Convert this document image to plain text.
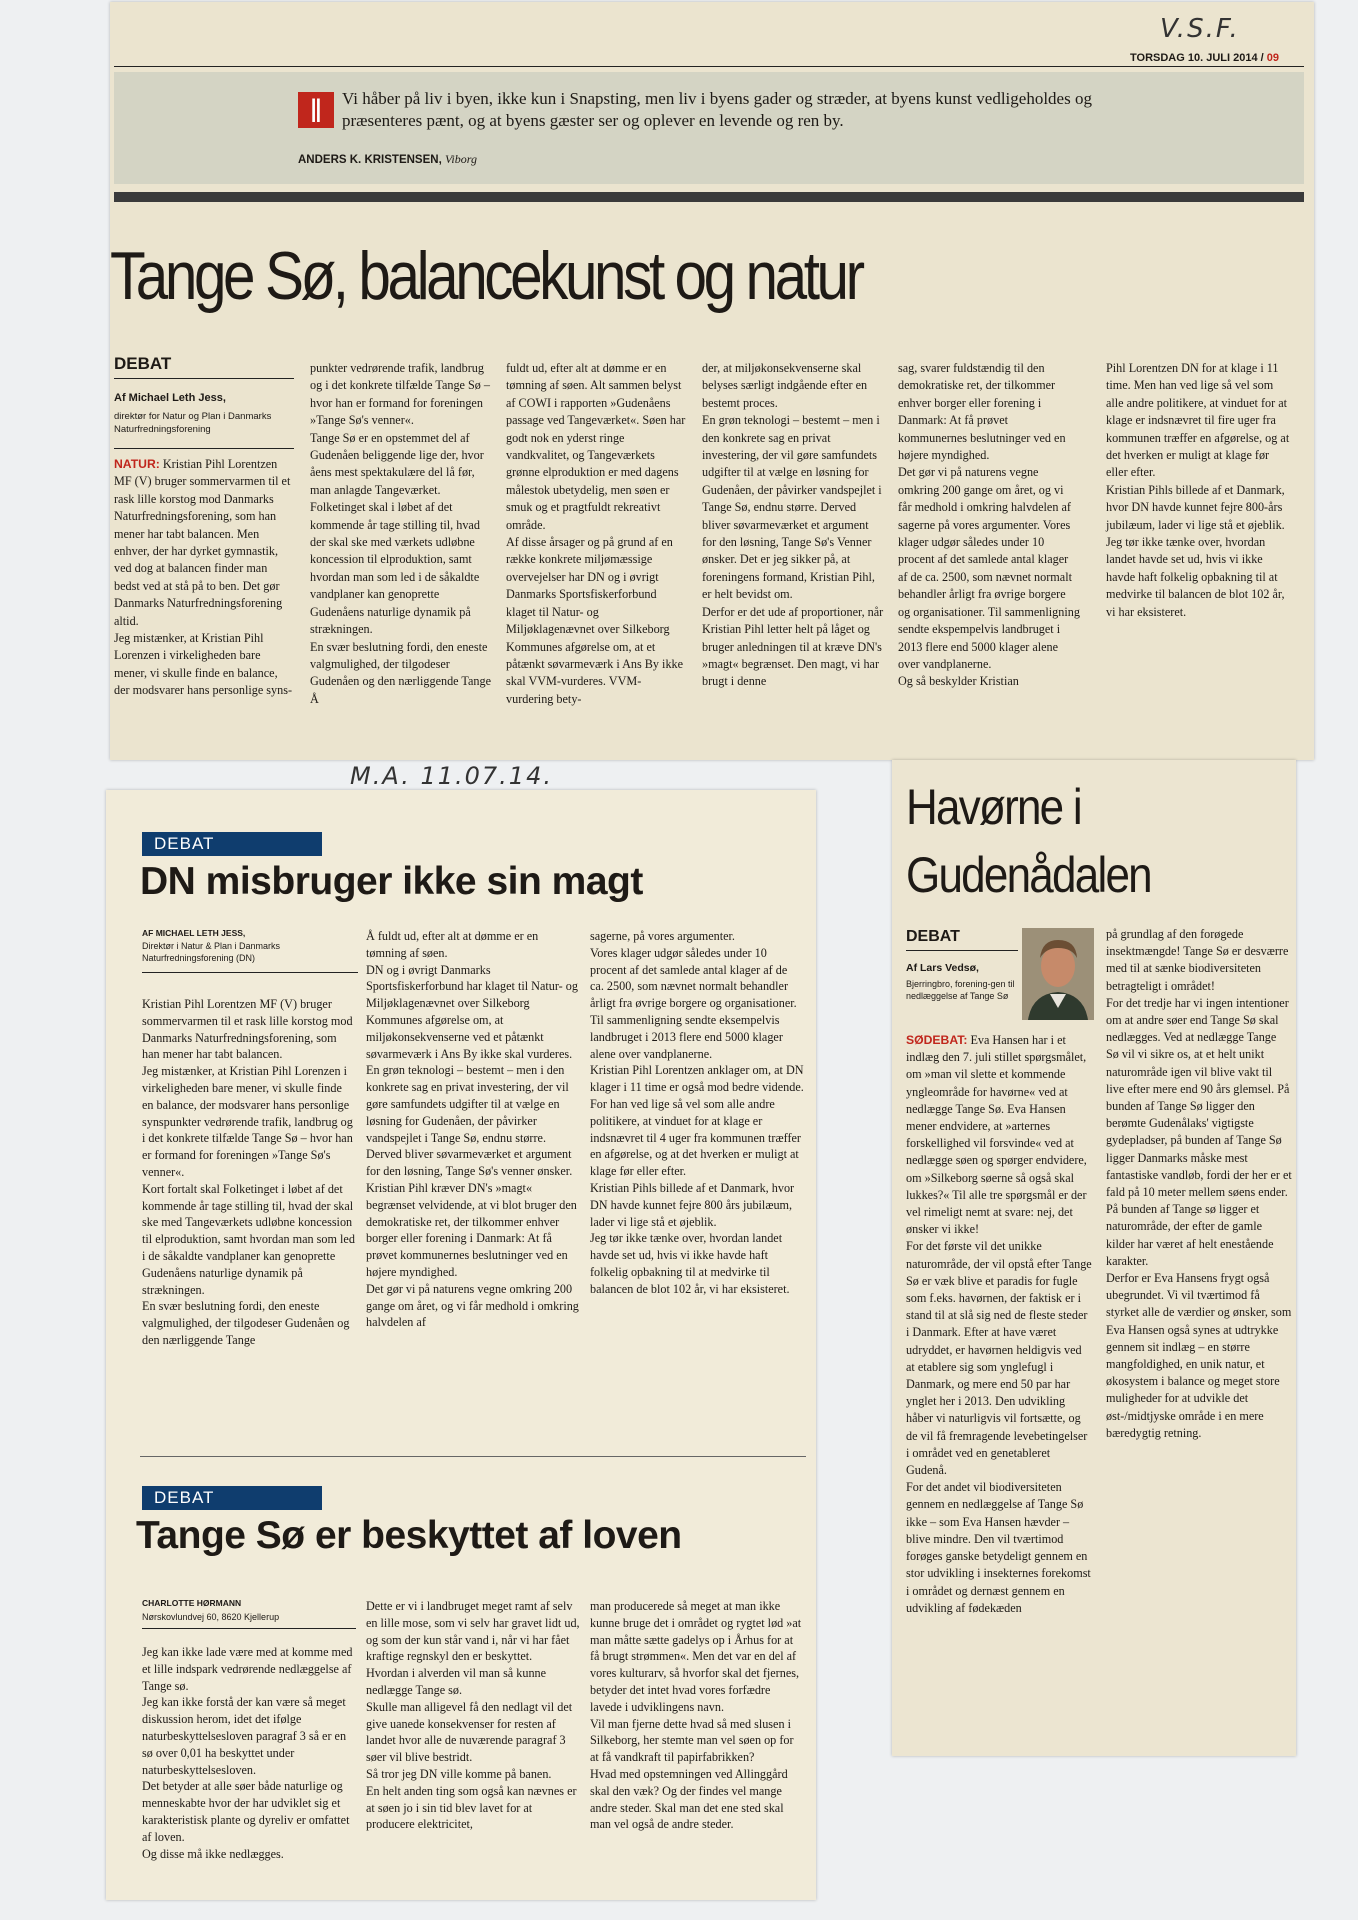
V.S.F.
TORSDAG 10. JULI 2014 / 09
‖	Vi håber på liv i byen, ikke kun i Snapsting, men liv i byens gader og stræder, at byens kunst vedligeholdes og præsenteres pænt, og at byens gæster ser og oplever en levende og ren by.
ANDERS K. KRISTENSEN, Viborg
Tange Sø, balancekunst og natur
DEBAT
Af Michael Leth Jess,
direktør for Natur og Plan i Danmarks Naturfredningsforening
NATUR: Kristian Pihl Lorentzen MF (V) bruger sommervarmen til et rask lille korstog mod Danmarks Naturfredningsforening, som han mener har tabt balancen. Men enhver, der har dyrket gymnastik, ved dog at balancen finder man bedst ved at stå på to ben. Det gør Danmarks Naturfredningsforening altid.
Jeg mistænker, at Kristian Pihl Lorenzen i virkeligheden bare mener, vi skulle finde en balance, der modsvarer hans personlige syns-
punkter vedrørende trafik, landbrug og i det konkrete tilfælde Tange Sø – hvor han er formand for foreningen »Tange Sø's venner«.
Tange Sø er en opstemmet del af Gudenåen beliggende lige der, hvor åens mest spektakulære del lå før, man anlagde Tangeværket. Folketinget skal i løbet af det kommende år tage stilling til, hvad der skal ske med værkets udløbne koncession til elproduktion, samt hvordan man som led i de såkaldte vandplaner kan genoprette Gudenåens naturlige dynamik på strækningen.
En svær beslutning fordi, den eneste valgmulighed, der tilgodeser Gudenåen og den nærliggende Tange Å
fuldt ud, efter alt at dømme er en tømning af søen. Alt sammen belyst af COWI i rapporten »Gudenåens passage ved Tangeværket«. Søen har godt nok en yderst ringe vandkvalitet, og Tangeværkets grønne elproduktion er med dagens målestok ubetydelig, men søen er smuk og et pragtfuldt rekreativt område.
Af disse årsager og på grund af en række konkrete miljømæssige overvejelser har DN og i øvrigt Danmarks Sportsfiskerforbund klaget til Natur- og Miljøklagenævnet over Silkeborg Kommunes afgørelse om, at et påtænkt søvarmeværk i Ans By ikke skal VVM-vurderes. VVM-vurdering bety-
der, at miljøkonsekvenserne skal belyses særligt indgående efter en bestemt proces.
En grøn teknologi – bestemt – men i den konkrete sag en privat investering, der vil gøre samfundets udgifter til at vælge en løsning for Gudenåen, der påvirker vandspejlet i Tange Sø, endnu større. Derved bliver søvarmeværket et argument for den løsning, Tange Sø's Venner ønsker. Det er jeg sikker på, at foreningens formand, Kristian Pihl, er helt bevidst om.
Derfor er det ude af proportioner, når Kristian Pihl letter helt på låget og bruger anledningen til at kræve DN's »magt« begrænset. Den magt, vi har brugt i denne
sag, svarer fuldstændig til den demokratiske ret, der tilkommer enhver borger eller forening i Danmark: At få prøvet kommunernes beslutninger ved en højere myndighed.
Det gør vi på naturens vegne omkring 200 gange om året, og vi får medhold i omkring halvdelen af sagerne på vores argumenter. Vores klager udgør således under 10 procent af det samlede antal klager af de ca. 2500, som nævnet normalt behandler årligt fra øvrige borgere og organisationer. Til sammenligning sendte ekspempelvis landbruget i 2013 flere end 5000 klager alene over vandplanerne.
Og så beskylder Kristian
Pihl Lorentzen DN for at klage i 11 time. Men han ved lige så vel som alle andre politikere, at vinduet for at klage er indsnævret til fire uger fra kommunen træffer en afgørelse, og at det hverken er muligt at klage før eller efter.
Kristian Pihls billede af et Danmark, hvor DN havde kunnet fejre 800-års jubilæum, lader vi lige stå et øjeblik. Jeg tør ikke tænke over, hvordan landet havde set ud, hvis vi ikke havde haft folkelig opbakning til at medvirke til balancen de blot 102 år, vi har eksisteret.
M.A. 11.07.14.
DEBAT
DN misbruger ikke sin magt
AF MICHAEL LETH JESS,
Direktør i Natur & Plan i Danmarks Naturfredningsforening (DN)
Kristian Pihl Lorentzen MF (V) bruger sommervarmen til et rask lille korstog mod Danmarks Naturfredningsforening, som han mener har tabt balancen.
Jeg mistænker, at Kristian Pihl Lorenzen i virkeligheden bare mener, vi skulle finde en balance, der modsvarer hans personlige synspunkter vedrørende trafik, landbrug og i det konkrete tilfælde Tange Sø – hvor han er formand for foreningen »Tange Sø's venner«.
Kort fortalt skal Folketinget i løbet af det kommende år tage stilling til, hvad der skal ske med Tangeværkets udløbne koncession til elproduktion, samt hvordan man som led i de såkaldte vandplaner kan genoprette Gudenåens naturlige dynamik på strækningen.
En svær beslutning fordi, den eneste valgmulighed, der tilgodeser Gudenåen og den nærliggende Tange
Å fuldt ud, efter alt at dømme er en tømning af søen.
DN og i øvrigt Danmarks Sportsfiskerforbund har klaget til Natur- og Miljøklagenævnet over Silkeborg Kommunes afgørelse om, at miljøkonsekvenserne ved et påtænkt søvarmeværk i Ans By ikke skal vurderes.
En grøn teknologi – bestemt – men i den konkrete sag en privat investering, der vil gøre samfundets udgifter til at vælge en løsning for Gudenåen, der påvirker vandspejlet i Tange Sø, endnu større. Derved bliver søvarmeværket et argument for den løsning, Tange Sø's venner ønsker.
Kristian Pihl kræver DN's »magt« begrænset velvidende, at vi blot bruger den demokratiske ret, der tilkommer enhver borger eller forening i Danmark: At få prøvet kommunernes beslutninger ved en højere myndighed.
Det gør vi på naturens vegne omkring 200 gange om året, og vi får medhold i omkring halvdelen af
sagerne, på vores argumenter.
Vores klager udgør således under 10 procent af det samlede antal klager af de ca. 2500, som nævnet normalt behandler årligt fra øvrige borgere og organisationer.
Til sammenligning sendte eksempelvis landbruget i 2013 flere end 5000 klager alene over vandplanerne.
Kristian Pihl Lorentzen anklager om, at DN klager i 11 time er også mod bedre vidende. For han ved lige så vel som alle andre politikere, at vinduet for at klage er indsnævret til 4 uger fra kommunen træffer en afgørelse, og at det hverken er muligt at klage før eller efter.
Kristian Pihls billede af et Danmark, hvor DN havde kunnet fejre 800 års jubilæum, lader vi lige stå et øjeblik.
Jeg tør ikke tænke over, hvordan landet havde set ud, hvis vi ikke havde haft folkelig opbakning til at medvirke til balancen de blot 102 år, vi har eksisteret.
DEBAT
Tange Sø er beskyttet af loven
CHARLOTTE HØRMANN
Nørskovlundvej 60, 8620 Kjellerup
Jeg kan ikke lade være med at komme med et lille indspark vedrørende nedlæggelse af Tange sø.
Jeg kan ikke forstå der kan være så meget diskussion herom, idet det ifølge naturbeskyttelsesloven paragraf 3 så er en sø over 0,01 ha beskyttet under naturbeskyttelsesloven.
Det betyder at alle søer både naturlige og menneskabte hvor der har udviklet sig et karakteristisk plante og dyreliv er omfattet af loven.
Og disse må ikke nedlægges.
Dette er vi i landbruget meget ramt af selv en lille mose, som vi selv har gravet lidt ud, og som der kun står vand i, når vi har fået kraftige regnskyl den er beskyttet.
Hvordan i alverden vil man så kunne nedlægge Tange sø.
Skulle man alligevel få den nedlagt vil det give uanede konsekvenser for resten af landet hvor alle de nuværende paragraf 3 søer vil blive bestridt.
Så tror jeg DN ville komme på banen.
En helt anden ting som også kan nævnes er at søen jo i sin tid blev lavet for at producere elektricitet,
man producerede så meget at man ikke kunne bruge det i området og rygtet lød »at man måtte sætte gadelys op i Århus for at få brugt strømmen«. Men det var en del af vores kulturarv, så hvorfor skal det fjernes, betyder det intet hvad vores forfædre lavede i udviklingens navn.
Vil man fjerne dette hvad så med slusen i Silkeborg, her stemte man vel søen op for at få vandkraft til papirfabrikken?
Hvad med opstemningen ved Allinggård skal den væk? Og der findes vel mange andre steder. Skal man det ene sted skal man vel også de andre steder.
Havørne i
Gudenådalen
DEBAT
Af Lars Vedsø,
Bjerringbro, forening-gen til nedlæggelse af Tange Sø
SØDEBAT: Eva Hansen har i et indlæg den 7. juli stillet spørgsmålet, om »man vil slette et kommende yngleområde for havørne« ved at nedlægge Tange Sø. Eva Hansen mener endvidere, at »arternes forskellighed vil forsvinde« ved at nedlægge søen og spørger endvidere, om »Silkeborg søerne så også skal lukkes?« Til alle tre spørgsmål er der vel rimeligt nemt at svare: nej, det ønsker vi ikke!
For det første vil det unikke naturområde, der vil opstå efter Tange Sø er væk blive et paradis for fugle som f.eks. havørnen, der faktisk er i stand til at slå sig ned de fleste steder i Danmark. Efter at have været udryddet, er havørnen heldigvis ved at etablere sig som ynglefugl i Danmark, og mere end 50 par har ynglet her i 2013. Den udvikling håber vi naturligvis vil fortsætte, og de vil få fremragende levebetingelser i området ved en genetableret Gudenå.
For det andet vil biodiversiteten gennem en nedlæggelse af Tange Sø ikke – som Eva Hansen hævder – blive mindre. Den vil tværtimod forøges ganske betydeligt gennem en stor udvikling i insekternes forekomst i området og dernæst gennem en udvikling af fødekæden
på grundlag af den forøgede insektmængde! Tange Sø er desværre med til at sænke biodiversiteten betragteligt i området!
For det tredje har vi ingen intentioner om at andre søer end Tange Sø skal nedlægges. Ved at nedlægge Tange Sø vil vi sikre os, at et helt unikt naturområde igen vil blive vakt til live efter mere end 90 års glemsel. På bunden af Tange Sø ligger den berømte Gudenålaks' vigtigste gydepladser, på bunden af Tange Sø ligger Danmarks måske mest fantastiske vandløb, fordi der her er et fald på 10 meter mellem søens ender. På bunden af Tange sø ligger et naturområde, der efter de gamle kilder har været af helt enestående karakter.
Derfor er Eva Hansens frygt også ubegrundet. Vi vil tværtimod få styrket alle de værdier og ønsker, som Eva Hansen også synes at udtrykke gennem sit indlæg – en større mangfoldighed, en unik natur, et økosystem i balance og meget store muligheder for at udvikle det øst-/midtjyske område i en mere bæredygtig retning.
